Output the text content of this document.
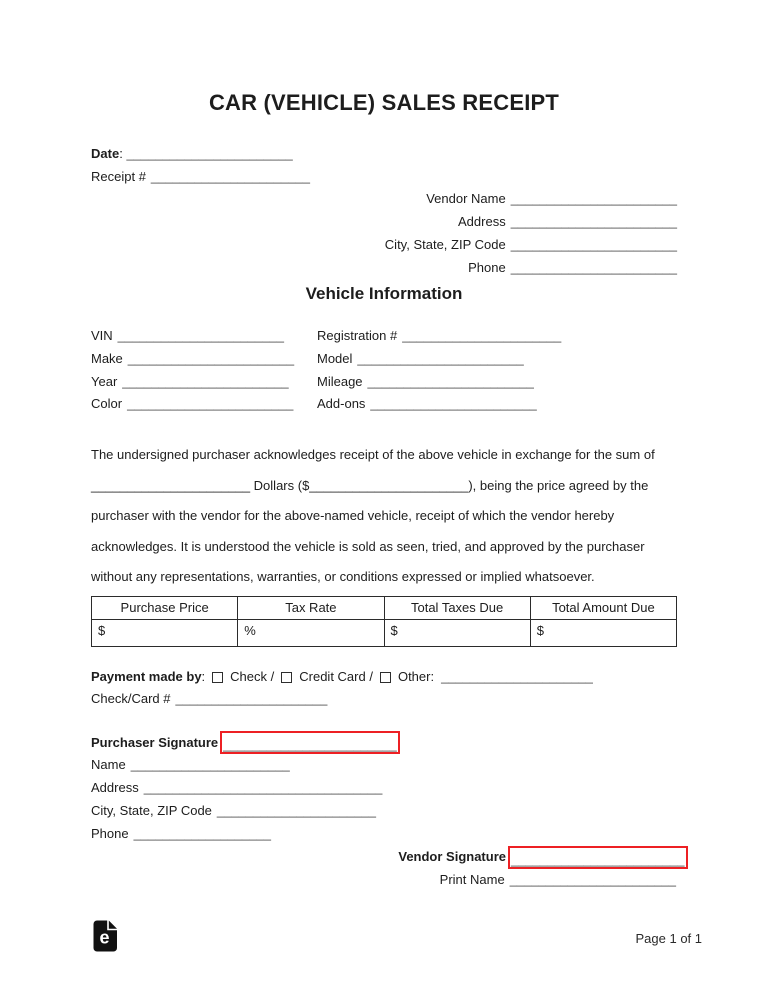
CAR (VEHICLE) SALES RECEIPT
Date: _______________________
Receipt # ______________________
Vendor Name _______________________
Address _______________________
City, State, ZIP Code _______________________
Phone _______________________
Vehicle Information
VIN _______________________	Registration # ______________________
Make _______________________	Model _______________________
Year _______________________	Mileage _______________________
Color _______________________	Add-ons _______________________
The undersigned purchaser acknowledges receipt of the above vehicle in exchange for the sum of
______________________ Dollars ($______________________), being the price agreed by the
purchaser with the vendor for the above-named vehicle, receipt of which the vendor hereby
acknowledges. It is understood the vehicle is sold as seen, tried, and approved by the purchaser
without any representations, warranties, or conditions expressed or implied whatsoever.
Purchase Price	Tax Rate	Total Taxes Due	Total Amount Due
$	%	$	$
Payment made by: Check / Credit Card / Other: _____________________
Check/Card # _____________________
Purchaser Signature ________________________
Name ______________________
Address _________________________________
City, State, ZIP Code ______________________
Phone ___________________
Vendor Signature ________________________
Print Name _______________________
e	Page 1 of 1
